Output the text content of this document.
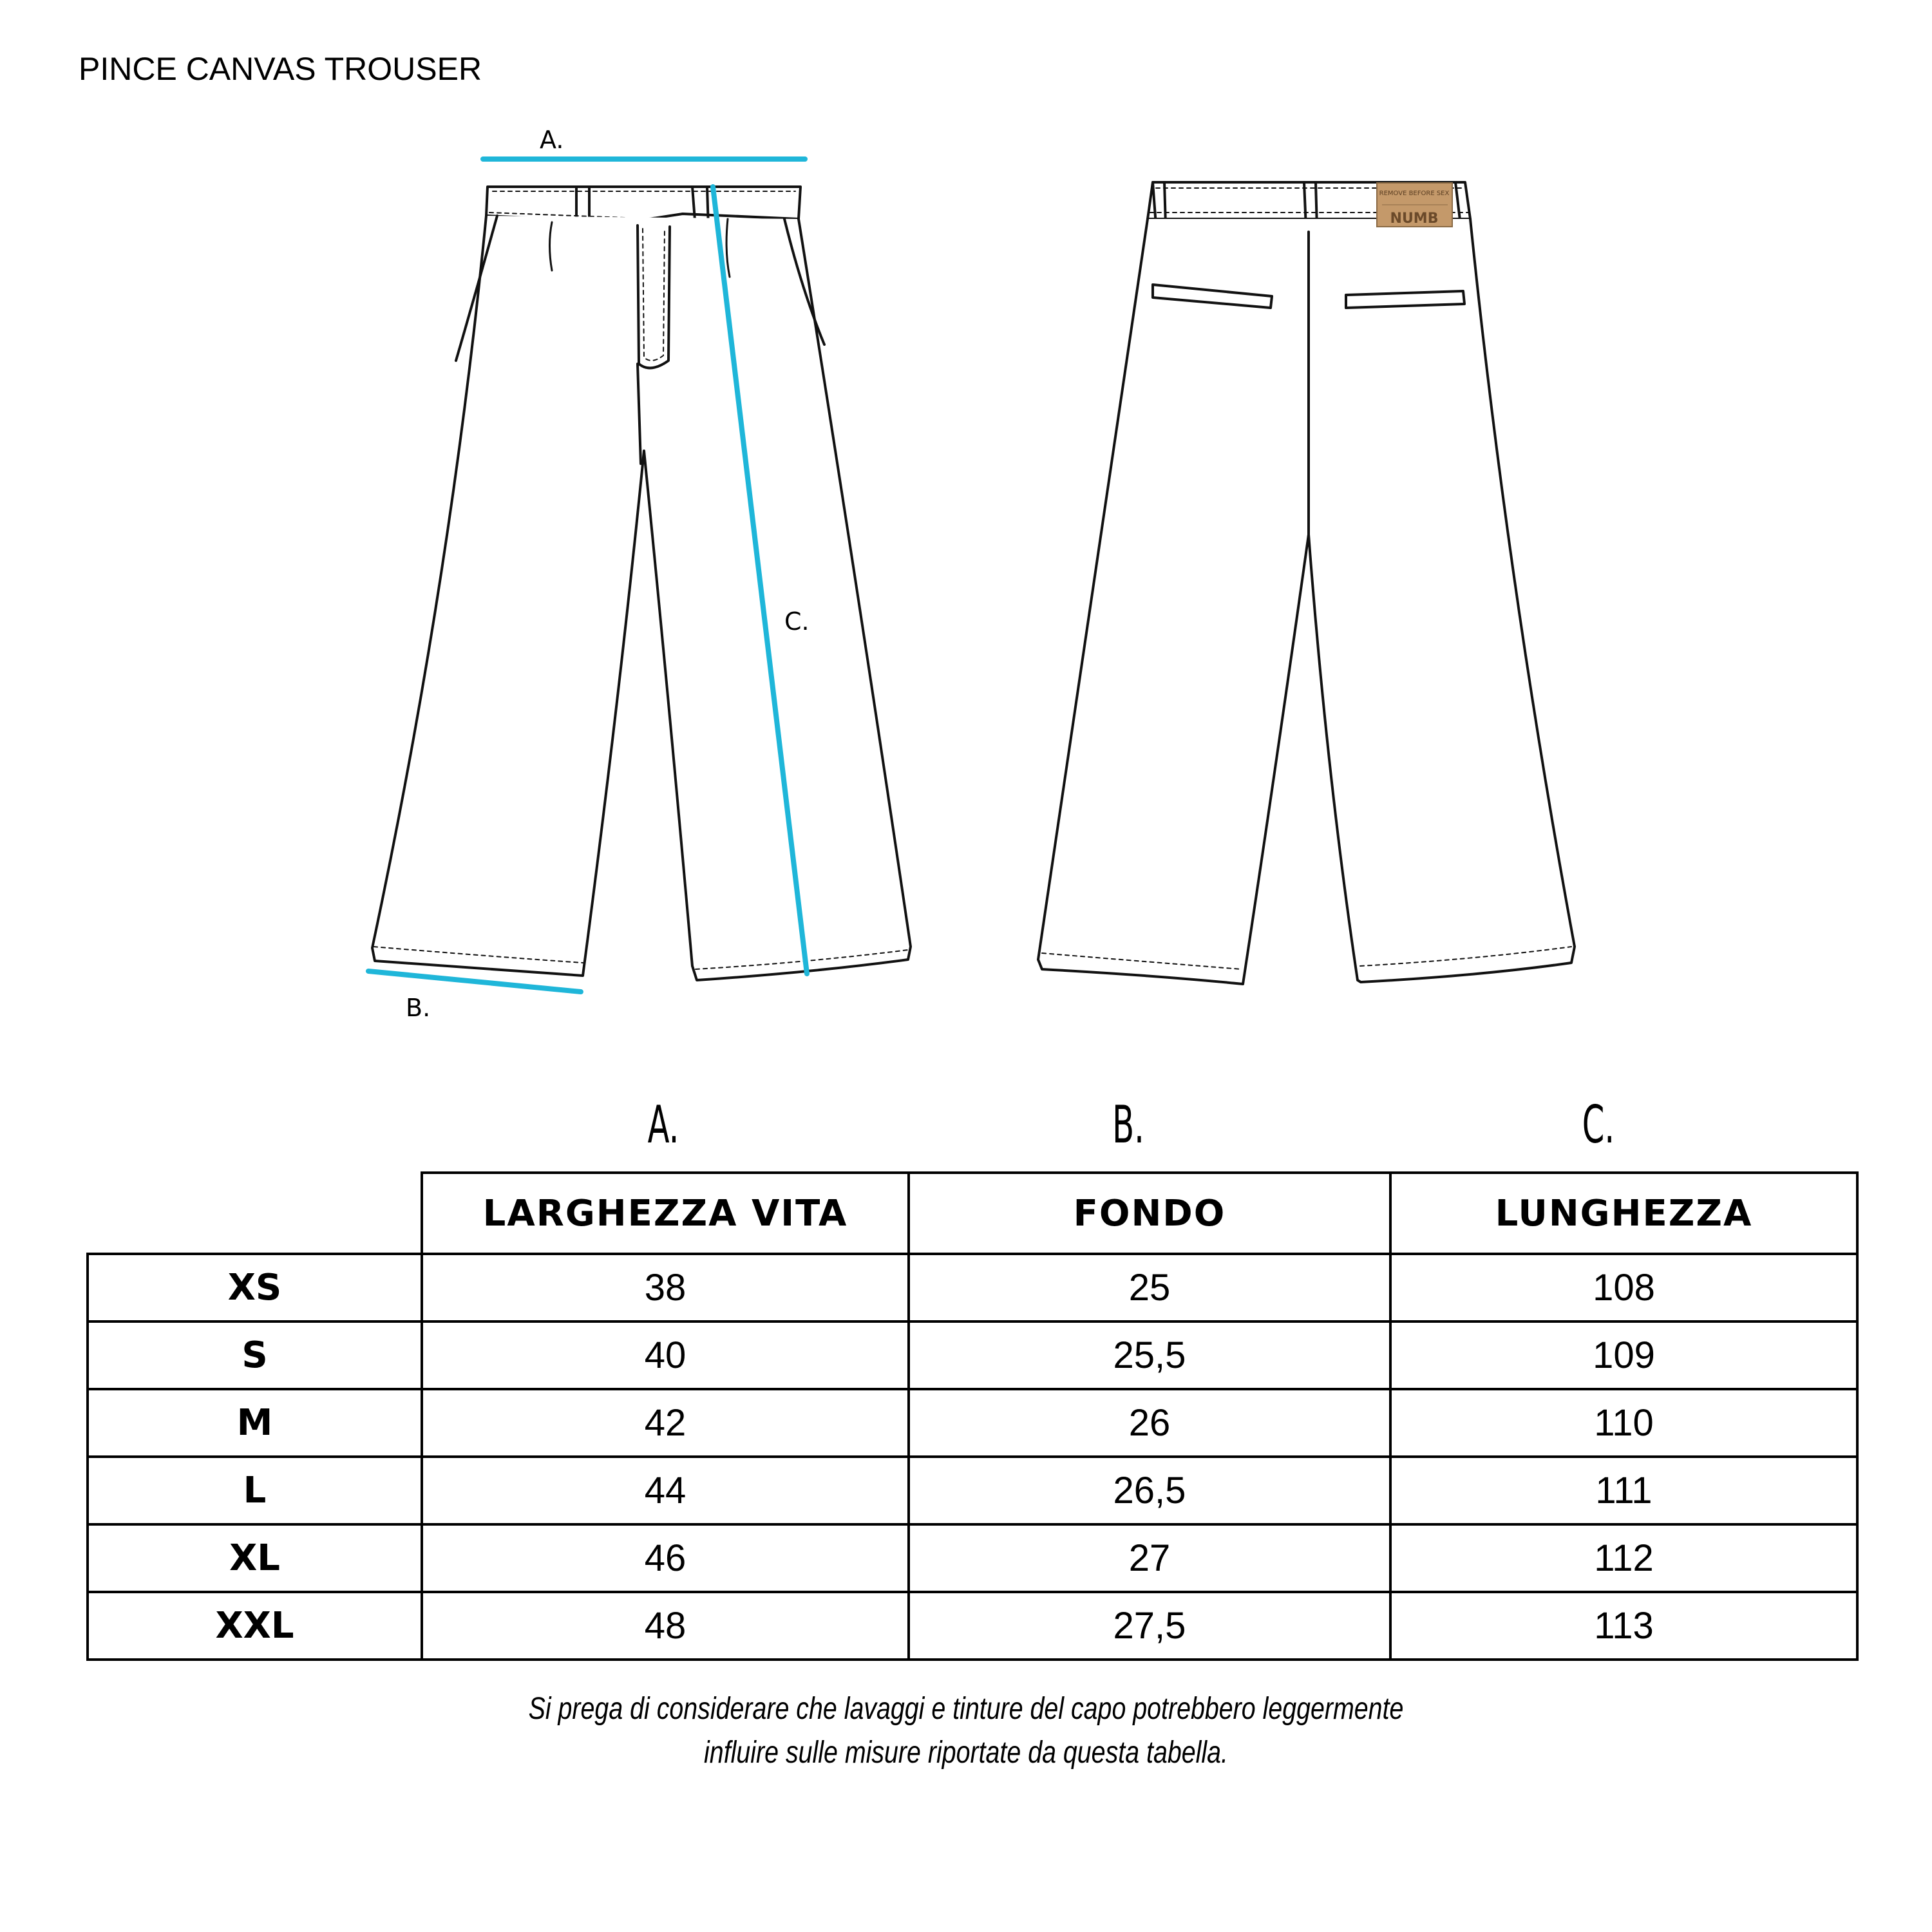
PINCE CANVAS TROUSER
A.
B.
C.
REMOVE BEFORE SEX
NUMB
A.	B.	C.
	LARGHEZZA VITA	FONDO	LUNGHEZZA
XS	38	25	108
S	40	25,5	109
M	42	26	110
L	44	26,5	111
XL	46	27	112
XXL	48	27,5	113
Si prega di considerare che lavaggi e tinture del capo potrebbero leggermente
influire sulle misure riportate da questa tabella.
